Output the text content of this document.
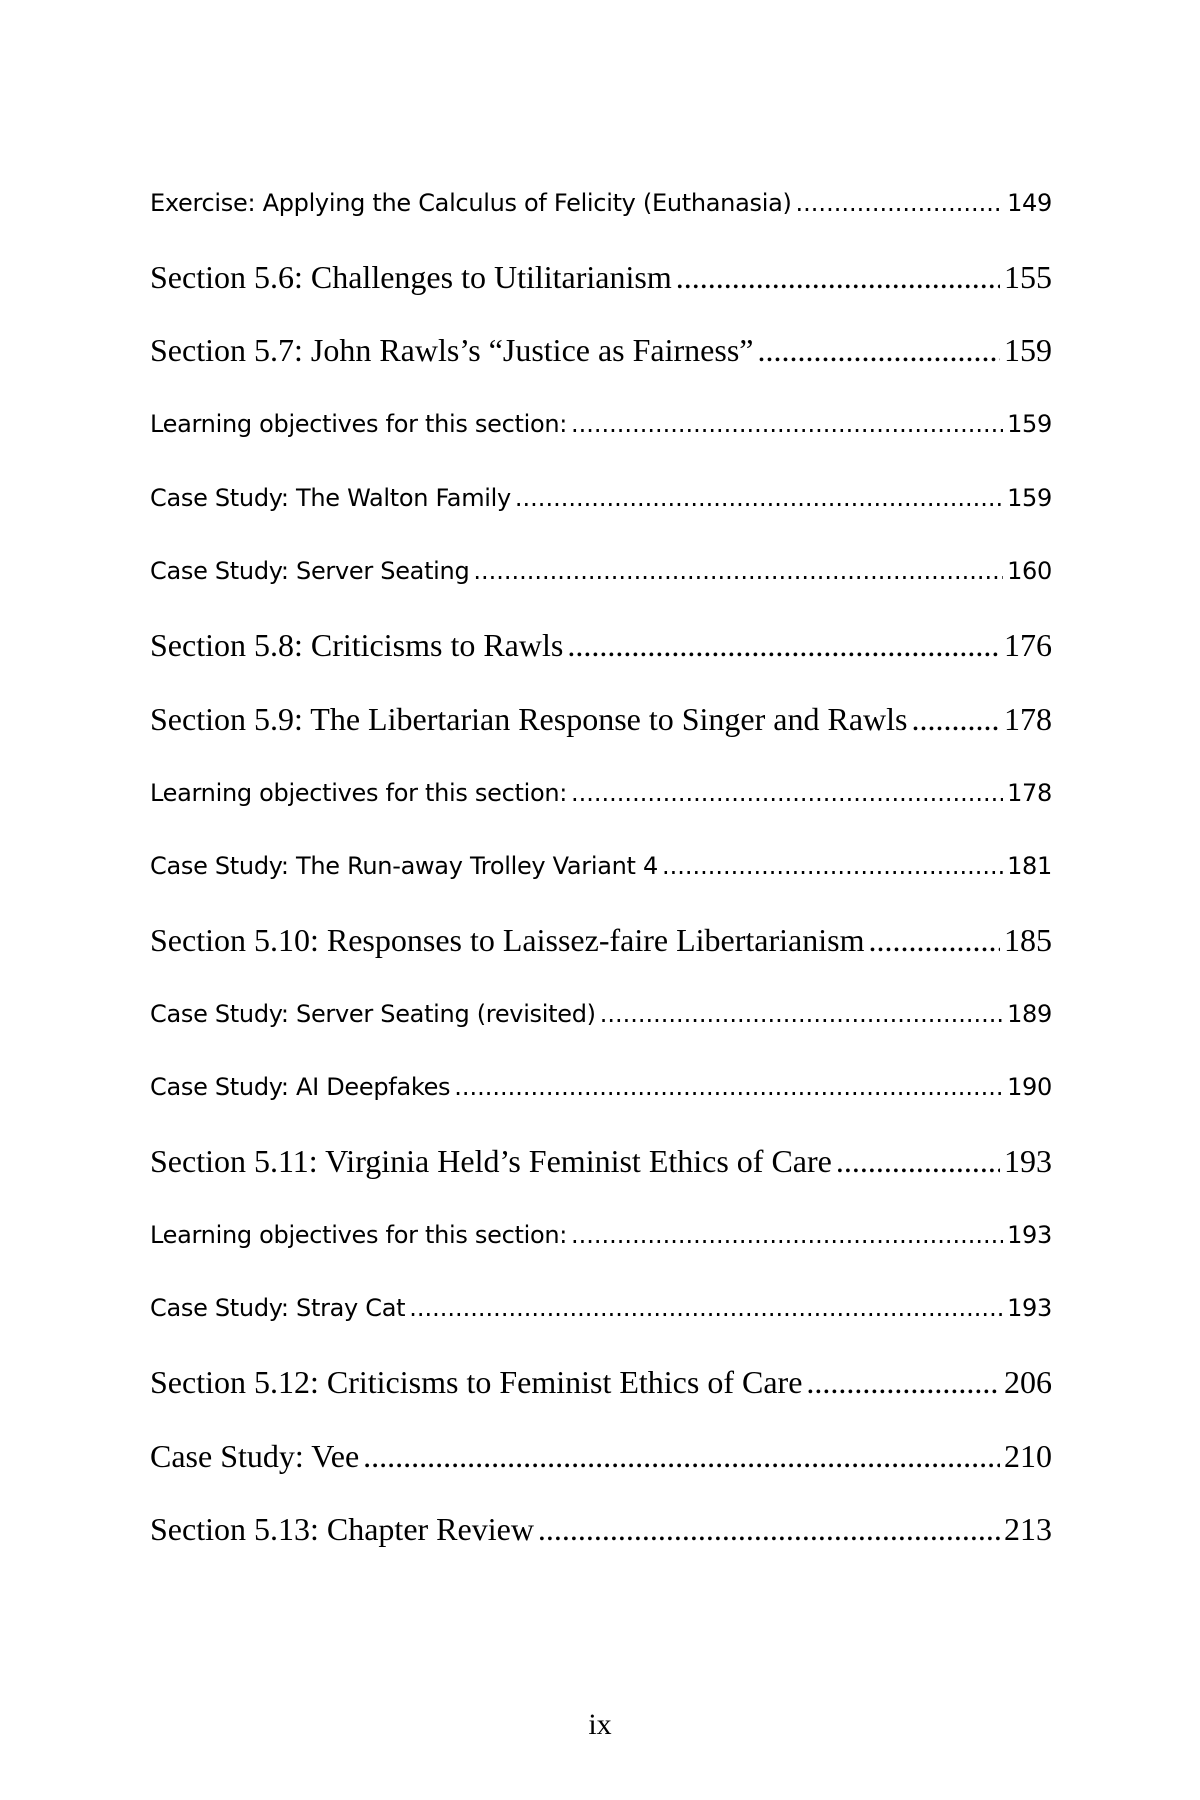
Exercise: Applying the Calculus of Felicity (Euthanasia) .....	149
Section 5.6: Challenges to Utilitarianism .....	155
Section 5.7: John Rawls’s “Justice as Fairness” .....	159
Learning objectives for this section: .....	159
Case Study: The Walton Family .....	159
Case Study: Server Seating .....	160
Section 5.8: Criticisms to Rawls .....	176
Section 5.9: The Libertarian Response to Singer and Rawls .....	178
Learning objectives for this section: .....	178
Case Study: The Run-away Trolley Variant 4 .....	181
Section 5.10: Responses to Laissez-faire Libertarianism .....	185
Case Study: Server Seating (revisited) .....	189
Case Study: AI Deepfakes .....	190
Section 5.11: Virginia Held’s Feminist Ethics of Care .....	193
Learning objectives for this section: .....	193
Case Study: Stray Cat .....	193
Section 5.12: Criticisms to Feminist Ethics of Care .....	206
Case Study: Vee .....	210
Section 5.13: Chapter Review .....	213
ix
